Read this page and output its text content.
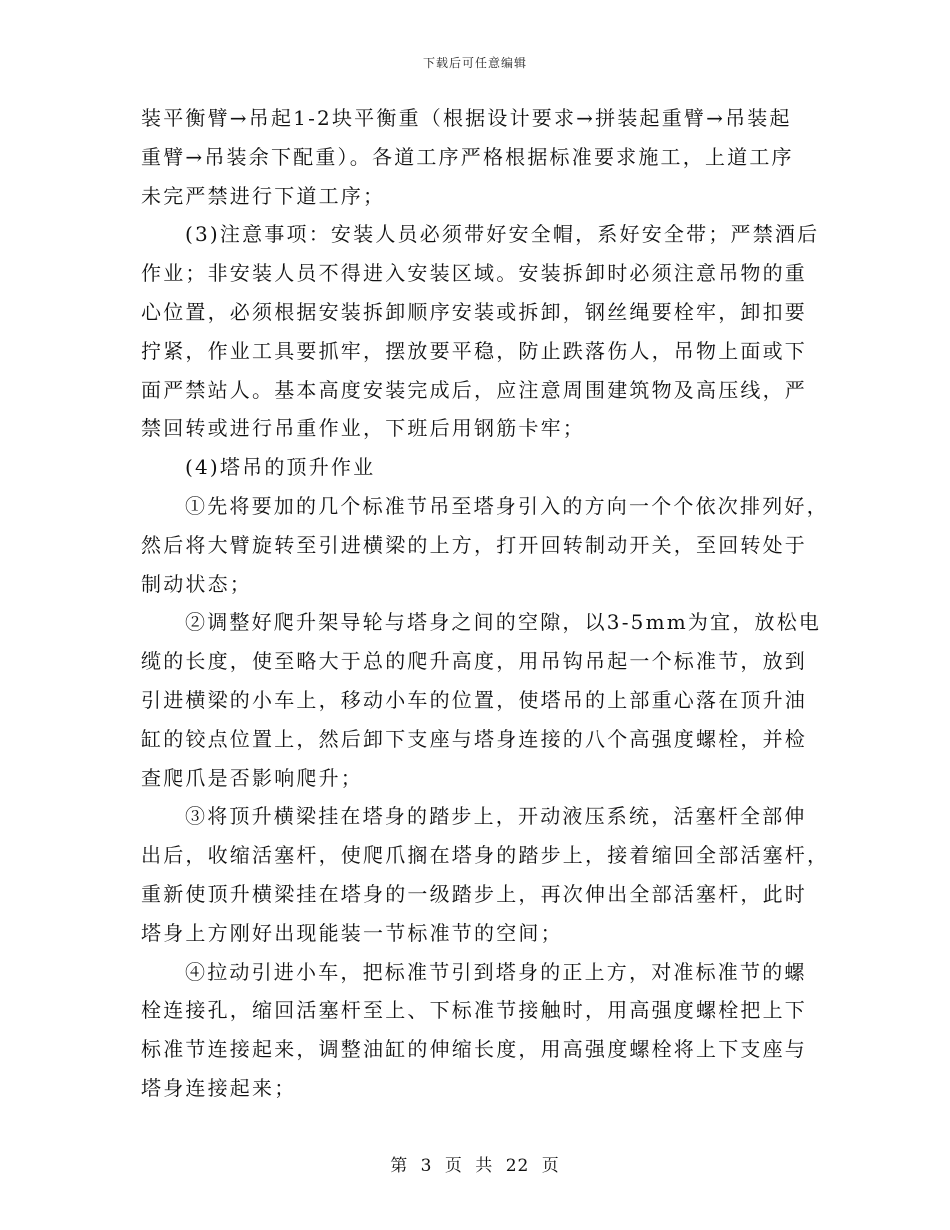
下载后可任意编辑
装平衡臂→吊起1-2块平衡重（根据设计要求→拼装起重臂→吊装起
重臂→吊装余下配重）。各道工序严格根据标准要求施工，上道工序
未完严禁进行下道工序；
(3)注意事项：安装人员必须带好安全帽，系好安全带；严禁酒后
作业；非安装人员不得进入安装区域。安装拆卸时必须注意吊物的重
心位置，必须根据安装拆卸顺序安装或拆卸，钢丝绳要栓牢，卸扣要
拧紧，作业工具要抓牢，摆放要平稳，防止跌落伤人，吊物上面或下
面严禁站人。基本高度安装完成后，应注意周围建筑物及高压线，严
禁回转或进行吊重作业，下班后用钢筋卡牢；
(4)塔吊的顶升作业
①先将要加的几个标准节吊至塔身引入的方向一个个依次排列好，
然后将大臂旋转至引进横梁的上方，打开回转制动开关，至回转处于
制动状态；
②调整好爬升架导轮与塔身之间的空隙，以3-5mm为宜，放松电
缆的长度，使至略大于总的爬升高度，用吊钩吊起一个标准节，放到
引进横梁的小车上，移动小车的位置，使塔吊的上部重心落在顶升油
缸的铰点位置上，然后卸下支座与塔身连接的八个高强度螺栓，并检
查爬爪是否影响爬升；
③将顶升横梁挂在塔身的踏步上，开动液压系统，活塞杆全部伸
出后，收缩活塞杆，使爬爪搁在塔身的踏步上，接着缩回全部活塞杆，
重新使顶升横梁挂在塔身的一级踏步上，再次伸出全部活塞杆，此时
塔身上方刚好出现能装一节标准节的空间；
④拉动引进小车，把标准节引到塔身的正上方，对准标准节的螺
栓连接孔，缩回活塞杆至上、下标准节接触时，用高强度螺栓把上下
标准节连接起来，调整油缸的伸缩长度，用高强度螺栓将上下支座与
塔身连接起来；
第 3 页 共 22 页
